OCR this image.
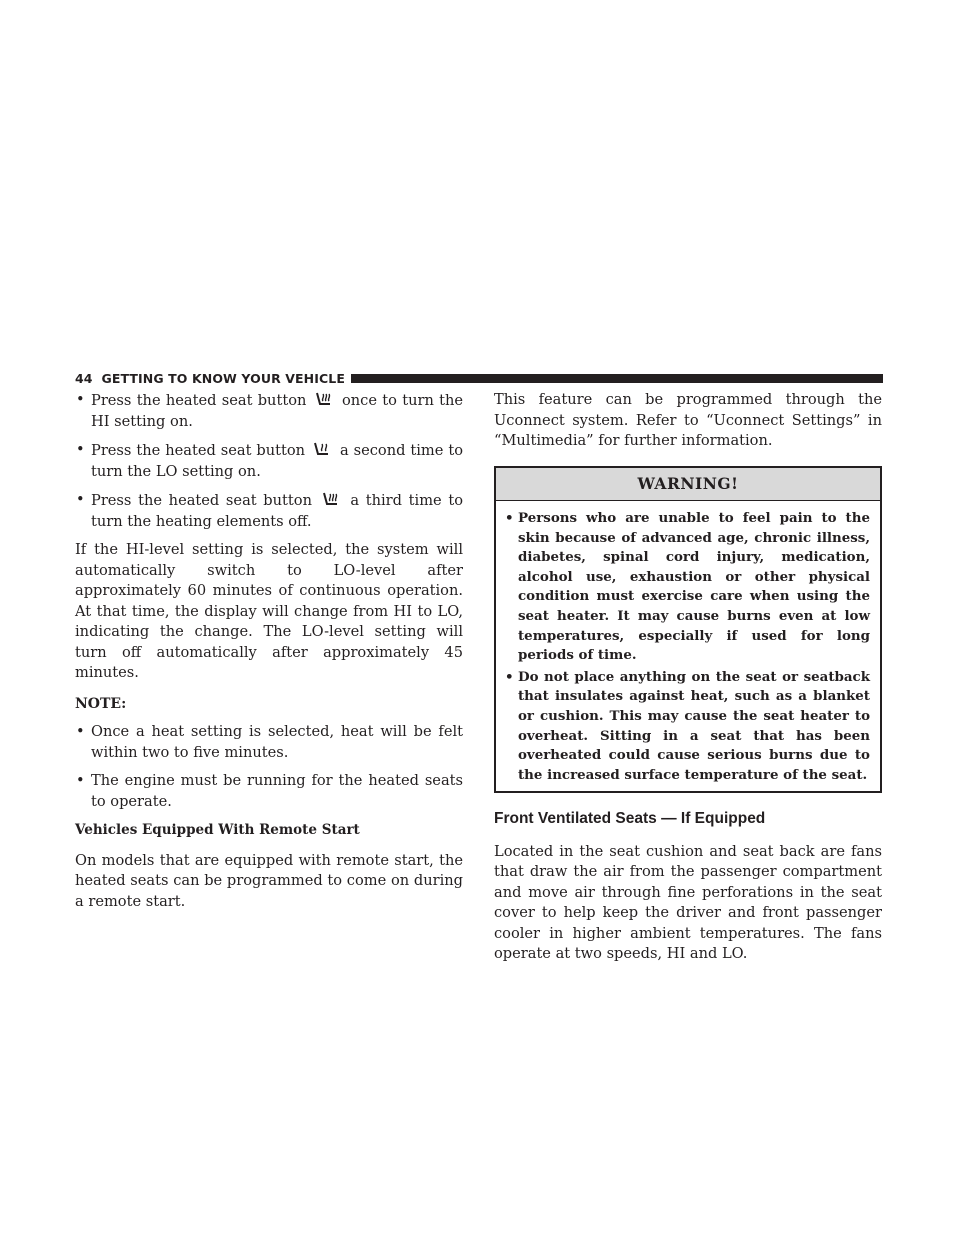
44 GETTING TO KNOW YOUR VEHICLE
• Press the heated seat button once to turn the HI setting on.
• Press the heated seat button a second time to turn the LO setting on.
• Press the heated seat button	a third time to turn the heating elements off.

If the HI-level setting is selected, the system will automatically switch to LO-level after approximately 60 minutes of continuous operation. At that time, the display will change from HI to LO, indicating the change. The LO-level setting will turn off automatically after approximately 45 minutes.

NOTE:
• Once a heat setting is selected, heat will be felt within two to five minutes.
• The engine must be running for the heated seats to operate.
Vehicles Equipped With Remote Start

On models that are equipped with remote start, the heated seats can be programmed to come on during a remote start.

This feature can be programmed through the Uconnect system. Refer to “Uconnect Settings” in “Multimedia” for further information.

WARNING!
• Persons who are unable to feel pain to the skin because of advanced age, chronic illness, diabetes, spinal cord injury, medication, alcohol use, exhaustion or other physical condition must exercise care when using the seat heater. It may cause burns even at low temperatures, especially if used for long periods of time.
• Do not place anything on the seat or seatback that insulates against heat, such as a blanket or cushion. This may cause the seat heater to overheat. Sitting in a seat that has been overheated could cause serious burns due to the increased surface temperature of the seat.
Front Ventilated Seats — If Equipped

Located in the seat cushion and seat back are fans that draw the air from the passenger compartment and move air through fine perforations in the seat cover to help keep the driver and front passenger cooler in higher ambient temperatures. The fans operate at two speeds, HI and LO.
